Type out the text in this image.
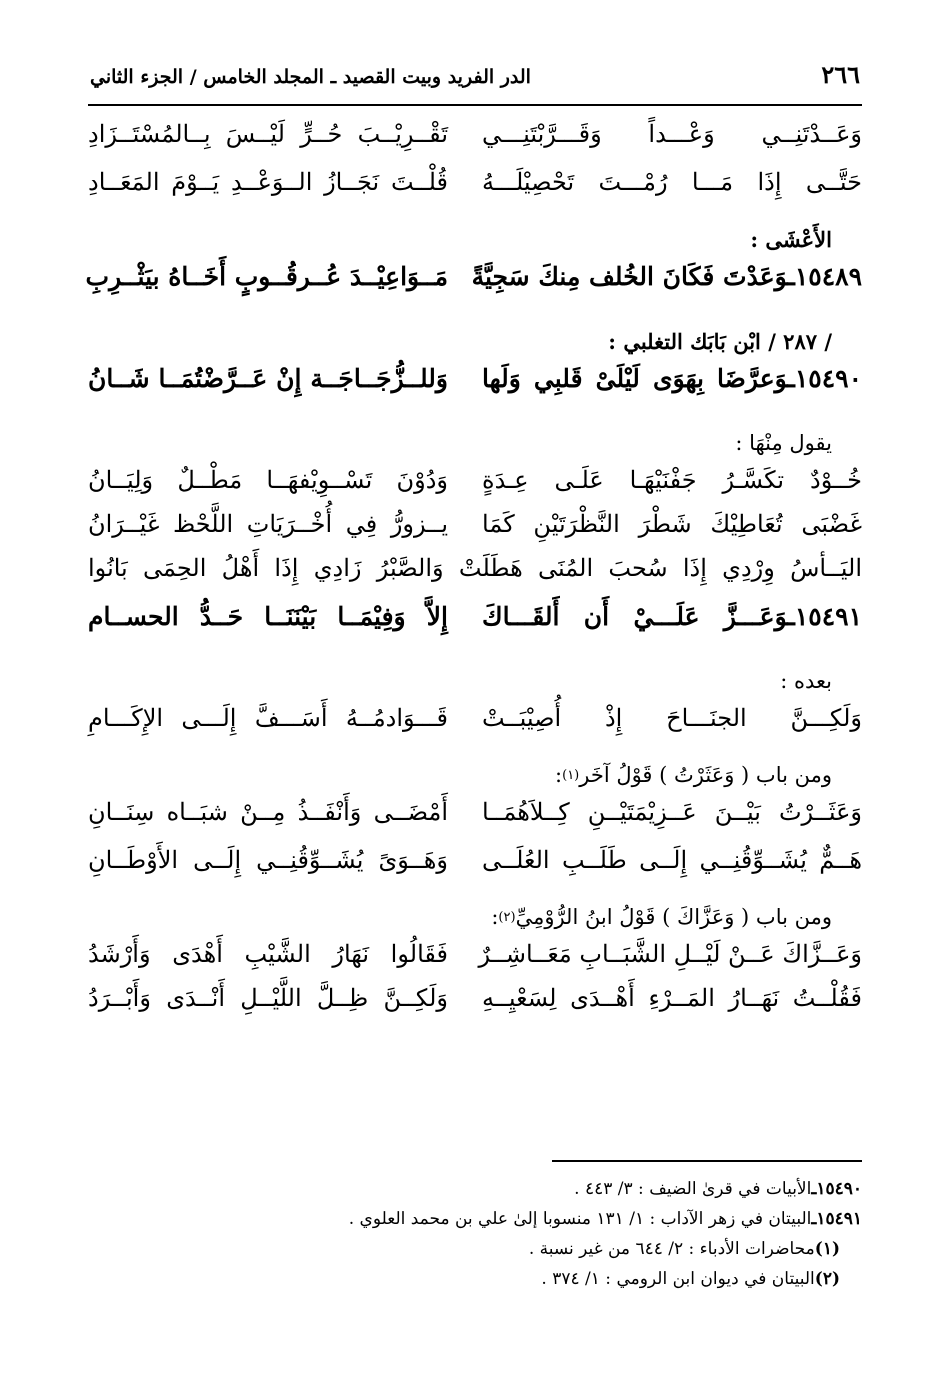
٢٦٦
الدر الفريد وبيت القصيد ـ المجلد الخامس / الجزء الثاني
وَعَــدْتَنِــي وَعْـــداً وَقَـــرَّبْتَنِـــي
تَقْــرِيْــبَ حُــرٍّ لَيْــسَ بِــالمُسْتَــزَادِ
حَتَّــى إِذَا مَـــا رُمْـــتَ تَحْصِيْلَـــهُ
قُلْــتَ نَجَــازُ الــوَعْــدِ يَــوْمَ المَعَــادِ
الأَعْشَى :
١٥٤٨٩ـوَعَدْتَ فَكَانَ الخُلف مِنكَ سَجِيَّةً
مَــوَاعِيْــدَ عُــرقُــوبٍ أَخَــاهُ بيَثْــرِبِ
/ ٢٨٧ / ابْن بَابَك التغلبي :
١٥٤٩٠ـوَعرَّضَا بِهَوَى لَيْلَىْ قَلبِي وَلَها
وَللــزُّجَــاجَــة إِنْ عَــرَّضْتُمَــا شَــانُ
يقول مِنْهَا :
خُــوْدٌ تكَسَّـرُ جَفْنَيْهَـا عَلَـى عِـدَةٍ
وَدُوْنَ تَسْــوِيْفهَــا مَطْــلٌ وَلِيَــانُ
غَضْبَى تُعَاطِيْكَ شَطْرَ النَّظْرَتَيْنِ كَمَا
يــزورُّ فِي أُخْــرَيَاتِ اللَّحْظ غَيْــرَانُ
اليَــأسُ وِرْدِي إِذَا سُحبَ المُنَى هَطَلَتْ وَالصَّبْرُ زَادِي إِذَا أَهْلُ الحِمَى بَانُوا
١٥٤٩١ـوَعَـــزَّ عَلَـــيْ أَن أَلقَـــاكَ
إِلاَّ وَفِيْمَــا بَيْنَنَــا حَــدُّ الحســام
بعده :
وَلَكِـــنَّ الجنَـــاحَ إِذْ أُصِيْبَــتْ
قَـــوَادمُــهُ أَسَـــفَّ إِلَـــى الإِكَـــامِ
ومن باب ( وَعَثَرْتُ ) قَوْلُ آخَر
(١)
:
وَعَثَــرْتُ بَيْــنَ عَــزِيْمَتَيْــنِ كِــلاَهُمَــا
أَمْضَــى وَأَنْفَــذُ مِــنْ شبَــاه سِنَــانِ
هَــمٌّ يُشَــوِّقُنِــي إِلَــى طَلَــبِ العُلَــى
وَهَــوَىً يُشَــوِّقُنِــي إِلَــى الأَوْطَــانِ
ومن باب ( وَعَزَّاكَ ) قَوْلُ ابنُ الرُّوْمِيِّ
(٢)
:
وَعَــزَّاكَ عَــنْ لَيْــلِ الشَّبَــابِ مَعَــاشِــرٌ
فَقَالُوا نَهَارُ الشَّيْبِ أَهْدَى وَأَرْشَدُ
فَقُلْــتُ نَهَــارُ المَــرْءِ أَهْــدَى لِسَعْيِــهِ
وَلَكِــنَّ ظِــلَّ اللَّيْــلِ أَنْــدَى وَأَبْــرَدُ
١٥٤٩٠ـ
الأبيات في قرىٰ الضيف : ٣/ ٤٤٣ .
١٥٤٩١ـ
البيتان في زهر الآداب : ١/ ١٣١ منسوبا إلىٰ علي بن محمد العلوي .
(١)
محاضرات الأدباء : ٢/ ٦٤٤ من غير نسبة .
(٢)
البيتان في ديوان ابن الرومي : ١/ ٣٧٤ .
